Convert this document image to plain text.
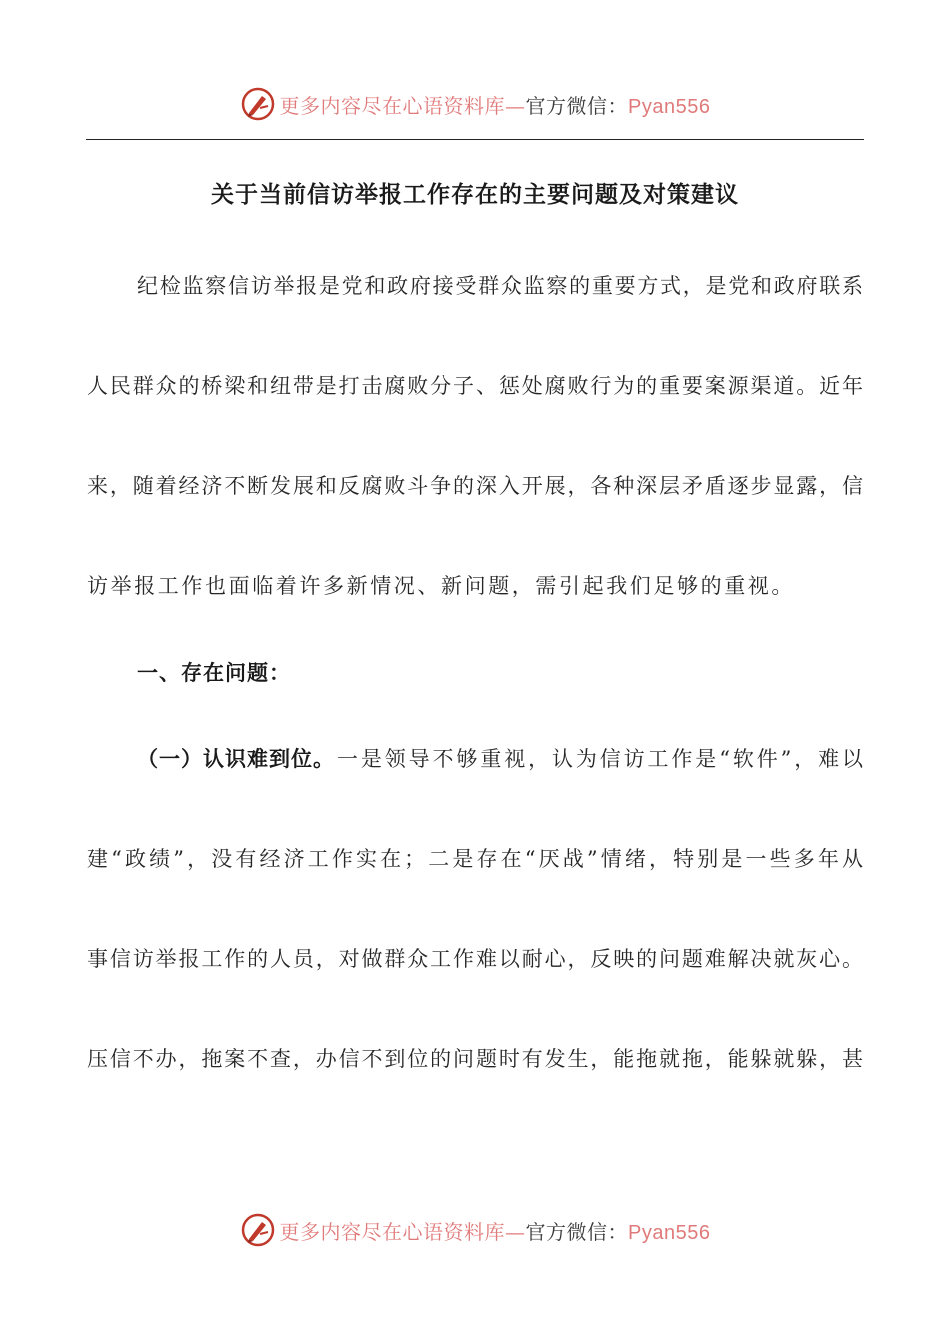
更多内容尽在心语资料库—官方微信：Pyan556
关于当前信访举报工作存在的主要问题及对策建议
纪检监察信访举报是党和政府接受群众监察的重要方式，是党和政府联系
人民群众的桥梁和纽带是打击腐败分子、惩处腐败行为的重要案源渠道。近年
来，随着经济不断发展和反腐败斗争的深入开展，各种深层矛盾逐步显露，信
访举报工作也面临着许多新情况、新问题，需引起我们足够的重视。
一、存在问题：
（一）认识难到位。 一是领导不够重视，认为信访工作是“软件”，难以
建“政绩”，没有经济工作实在；二是存在“厌战”情绪，特别是一些多年从
事信访举报工作的人员，对做群众工作难以耐心，反映的问题难解决就灰心。
压信不办，拖案不查，办信不到位的问题时有发生，能拖就拖，能躲就躲，甚
更多内容尽在心语资料库—官方微信：Pyan556
